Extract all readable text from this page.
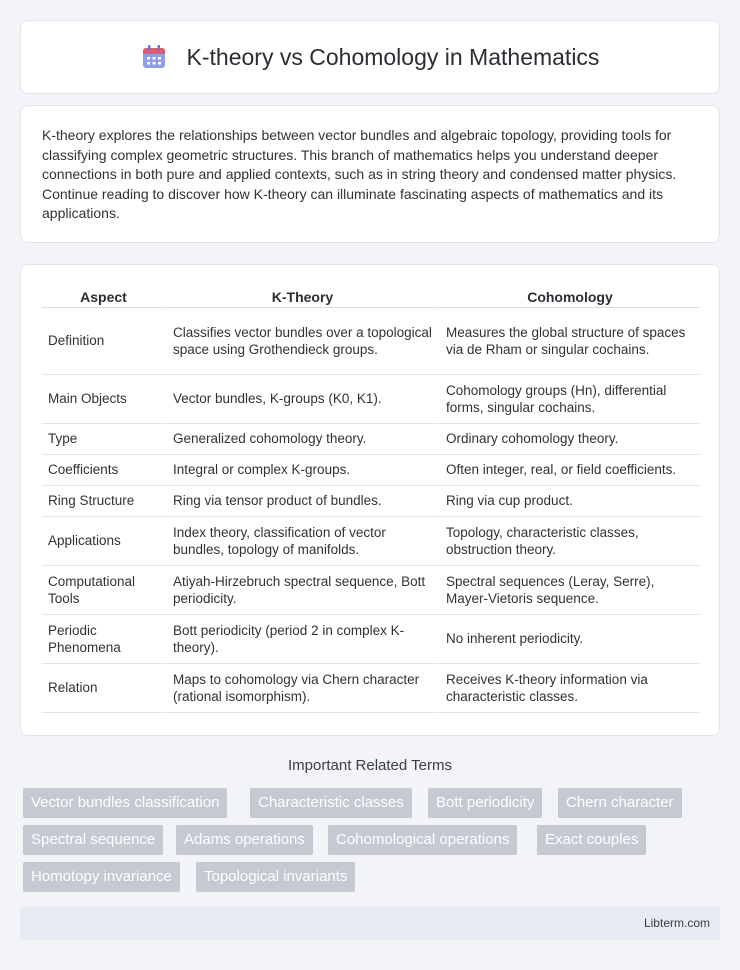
K-theory vs Cohomology in Mathematics

K-theory explores the relationships between vector bundles and algebraic topology, providing tools for classifying complex geometric structures. This branch of mathematics helps you understand deeper connections in both pure and applied contexts, such as in string theory and condensed matter physics. Continue reading to discover how K-theory can illuminate fascinating aspects of mathematics and its applications.

Aspect	K-Theory	Cohomology
Definition	Classifies vector bundles over a topological space using Grothendieck groups.	Measures the global structure of spaces via de Rham or singular cochains.
Main Objects	Vector bundles, K-groups (K0, K1).	Cohomology groups (Hn), differential forms, singular cochains.
Type	Generalized cohomology theory.	Ordinary cohomology theory.
Coefficients	Integral or complex K-groups.	Often integer, real, or field coefficients.
Ring Structure	Ring via tensor product of bundles.	Ring via cup product.
Applications	Index theory, classification of vector bundles, topology of manifolds.	Topology, characteristic classes, obstruction theory.
Computational Tools	Atiyah-Hirzebruch spectral sequence, Bott periodicity.	Spectral sequences (Leray, Serre), Mayer-Vietoris sequence.
Periodic Phenomena	Bott periodicity (period 2 in complex K-theory).	No inherent periodicity.
Relation	Maps to cohomology via Chern character (rational isomorphism).	Receives K-theory information via characteristic classes.
Important Related Terms
Vector bundles classification	Characteristic classes	Bott periodicity	Chern character
Spectral sequence	Adams operations	Cohomological operations	Exact couples
Homotopy invariance	Topological invariants
Libterm.com
